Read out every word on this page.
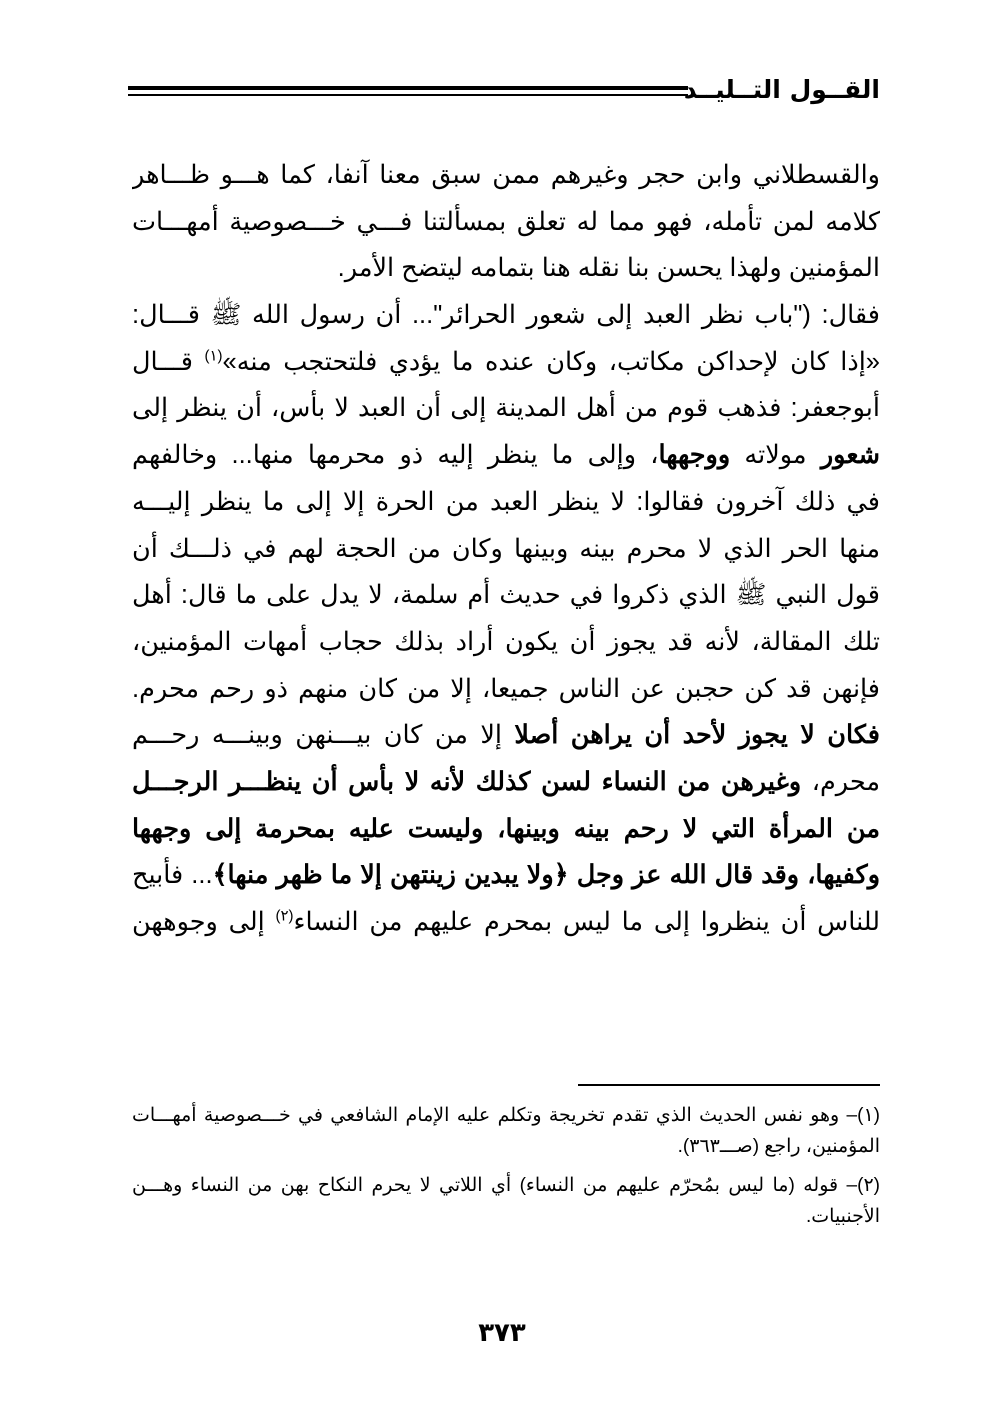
القــول التــليــد
والقسطلاني وابن حجر وغيرهم ممن سبق معنا آنفا، كما هـــو ظـــاهر
كلامه لمن تأمله، فهو مما له تعلق بمسألتنا فـــي خـــصوصية أمهـــات
المؤمنين ولهذا يحسن بنا نقله هنا بتمامه ليتضح الأمر.
فقال: ("باب نظر العبد إلى شعور الحرائر"... أن رسول الله ﷺ قـــال:
«إذا كان لإحداكن مكاتب، وكان عنده ما يؤدي فلتحتجب منه»$^{(١)}$ قـــال
أبوجعفر: فذهب قوم من أهل المدينة إلى أن العبد لا بأس، أن ينظر إلى
شعور مولاته ووجهها، وإلى ما ينظر إليه ذو محرمها منها... وخالفهم
في ذلك آخرون فقالوا: لا ينظر العبد من الحرة إلا إلى ما ينظر إليـــه
منها الحر الذي لا محرم بينه وبينها وكان من الحجة لهم في ذلـــك أن
قول النبي ﷺ الذي ذكروا في حديث أم سلمة، لا يدل على ما قال: أهل
تلك المقالة، لأنه قد يجوز أن يكون أراد بذلك حجاب أمهات المؤمنين،
فإنهن قد كن حجبن عن الناس جميعا، إلا من كان منهم ذو رحم محرم.
فكان لا يجوز لأحد أن يراهن أصلا إلا من كان بيـــنهن وبينـــه رحـــم
محرم، وغيرهن من النساء لسن كذلك لأنه لا بأس أن ينظـــر الرجـــل
من المرأة التي لا رحم بينه وبينها، وليست عليه بمحرمة إلى وجهها
وكفيها، وقد قال الله عز وجل ﴿ولا يبدين زينتهن إلا ما ظهر منها﴾... فأبيح
للناس أن ينظروا إلى ما ليس بمحرم عليهم من النساء$^{(٢)}$ إلى وجوههن
(١)– وهو نفس الحديث الذي تقدم تخريجة وتكلم عليه الإمام الشافعي في خـــصوصية أمهـــات
المؤمنين، راجع (صـــ٣٦٣).
(٢)– قوله (ما ليس بمُحرّم عليهم من النساء) أي اللاتي لا يحرم النكاح بهن من النساء وهـــن
الأجنبيات.
٣٧٣
